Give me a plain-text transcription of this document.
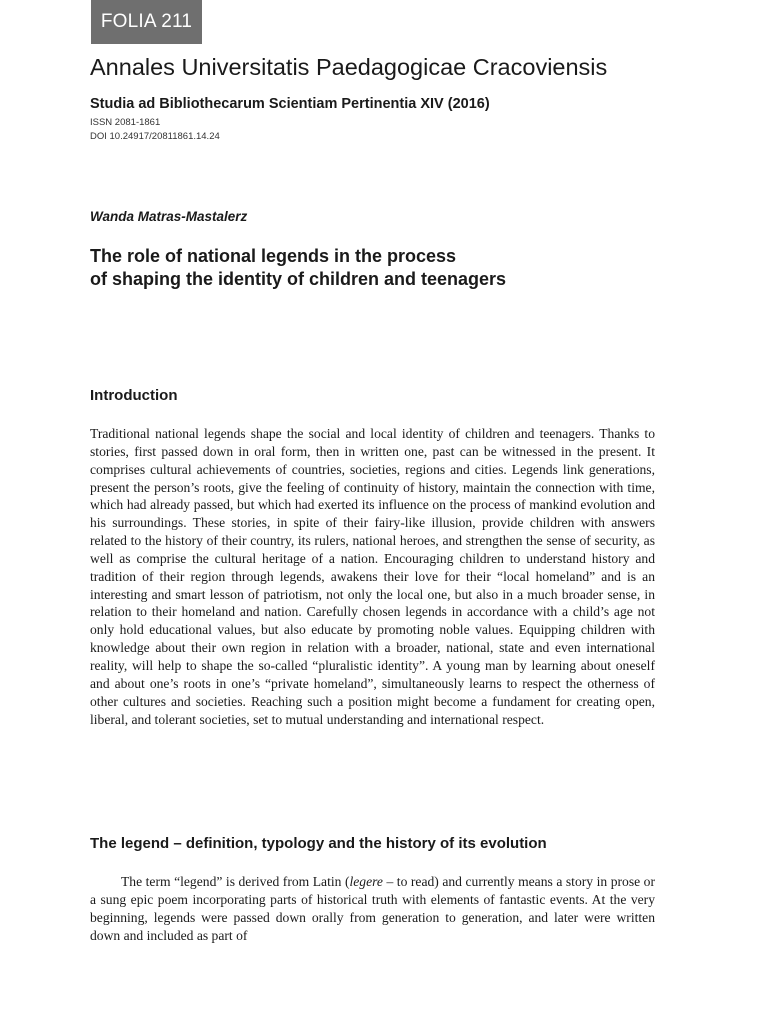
FOLIA 211
Annales Universitatis Paedagogicae Cracoviensis
Studia ad Bibliothecarum Scientiam Pertinentia XIV (2016)
ISSN 2081-1861
DOI 10.24917/20811861.14.24
Wanda Matras-Mastalerz
The role of national legends in the process
of shaping the identity of children and teenagers
Introduction

Traditional national legends shape the social and local identity of children and teenagers. Thanks to stories, first passed down in oral form, then in written one, past can be witnessed in the present. It comprises cultural achievements of countries, societies, regions and cities. Legends link generations, present the person’s roots, give the feeling of continuity of history, maintain the connection with time, which had already passed, but which had exerted its influence on the process of mankind evolution and his surroundings. These stories, in spite of their fairy-like illusion, provide children with answers related to the history of their country, its rulers, national heroes, and strengthen the sense of security, as well as comprise the cultural heritage of a nation. Encouraging children to understand history and tradition of their region through legends, awakens their love for their “local homeland” and is an interesting and smart lesson of patriotism, not only the local one, but also in a much broader sense, in relation to their homeland and nation. Carefully chosen legends in accordance with a child’s age not only hold educational values, but also educate by promoting noble values. Equipping children with knowledge about their own region in relation with a broader, national, state and even international reality, will help to shape the so-called “pluralistic identity”. A young man by learning about oneself and about one’s roots in one’s “private homeland”, simultaneously learns to respect the otherness of other cultures and societies. Reaching such a position might become a fundament for creating open, liberal, and tolerant societies, set to mutual understanding and international respect.

The legend – definition, typology and the history of its evolution

The term “legend” is derived from Latin (legere – to read) and currently means a story in prose or a sung epic poem incorporating parts of historical truth with elements of fantastic events. At the very beginning, legends were passed down orally from generation to generation, and later were written down and included as part of
